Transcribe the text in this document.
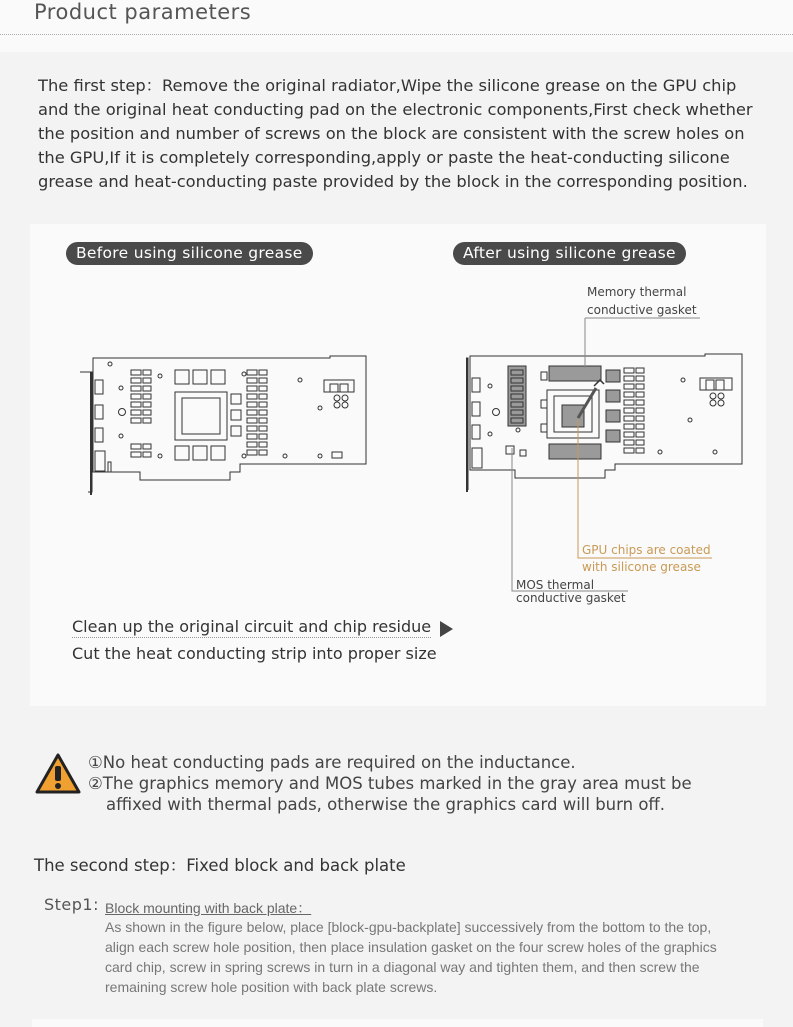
Product parameters
The first step：Remove the original radiator,Wipe the silicone grease on the GPU chip and the original heat conducting pad on the electronic components,First check whether the position and number of screws on the block are consistent with the screw holes on the GPU,If it is completely corresponding,apply or paste the heat-conducting silicone grease and heat-conducting paste provided by the block in the corresponding position.
Before using silicone grease	After using silicone grease
Memory thermal
conductive gasket
GPU chips are coated
with silicone grease
MOS thermal
conductive gasket
Clean up the original circuit and chip residue
Cut the heat conducting strip into proper size
①No heat conducting pads are required on the inductance.
②The graphics memory and MOS tubes marked in the gray area must be
affixed with thermal pads, otherwise the graphics card will burn off.
The second step：Fixed block and back plate
Step1: Block mounting with back plate：
As shown in the figure below, place [block-gpu-backplate] successively from the bottom to the top, align each screw hole position, then place insulation gasket on the four screw holes of the graphics card chip, screw in spring screws in turn in a diagonal way and tighten them, and then screw the remaining screw hole position with back plate screws.
